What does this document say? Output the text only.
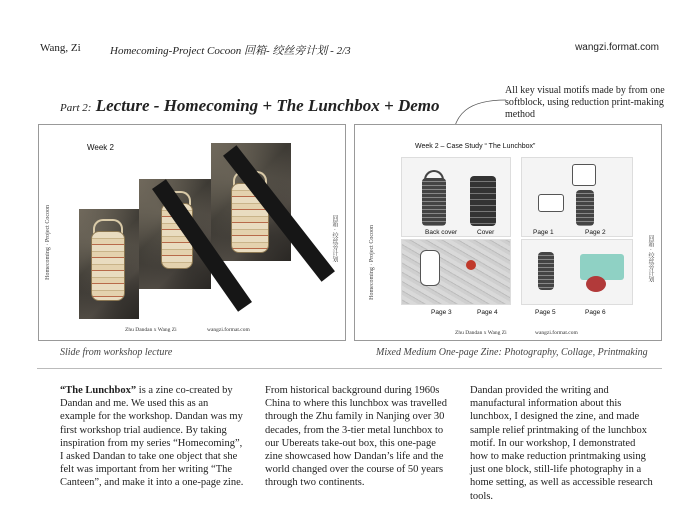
Wang, Zi	Homecoming-Project Cocoon 回箱- 绞丝旁计划 - 2/3	wangzi.format.com
Part 2: Lecture - Homecoming + The Lunchbox + Demo
All key visual motifs made by from one softblock, using reduction print-making method
Week 2
Homecoming · Project Cocoon	回箱 · 绞丝旁计划
Zhu Dandan x Wang Zi	wangzi.format.com
Week 2 – Case Study “ The Lunchbox”
Homecoming · Project Cocoon	回箱 · 绞丝旁计划
Back cover	Cover	Page 1	Page 2
Page 3	Page 4	Page 5	Page 6
Zhu Dandan x Wang Zi	wangzi.format.com
Slide from workshop lecture	Mixed Medium One-page Zine: Photography, Collage, Printmaking
“The Lunchbox” is a zine co-created by Dandan and me. We used this as an example for the workshop. Dandan was my first workshop trial audience. By taking inspiration from my series “Homecoming”, I asked Dandan to take one object that she felt was important from her writing “The Canteen”, and make it into a one-page zine.
From historical background during 1960s China to where this lunchbox was travelled through the Zhu family in Nanjing over 30 decades, from the 3-tier metal lunchbox to our Ubereats take-out box, this one-page zine showcased how Dandan’s life and the world changed over the course of 50 years through two continents.
Dandan provided the writing and manufactural information about this lunchbox, I designed the zine, and made sample relief printmaking of the lunchbox motif. In our workshop, I demonstrated how to make reduction printmaking using just one block, still-life photography in a home setting, as well as accessible research tools.
